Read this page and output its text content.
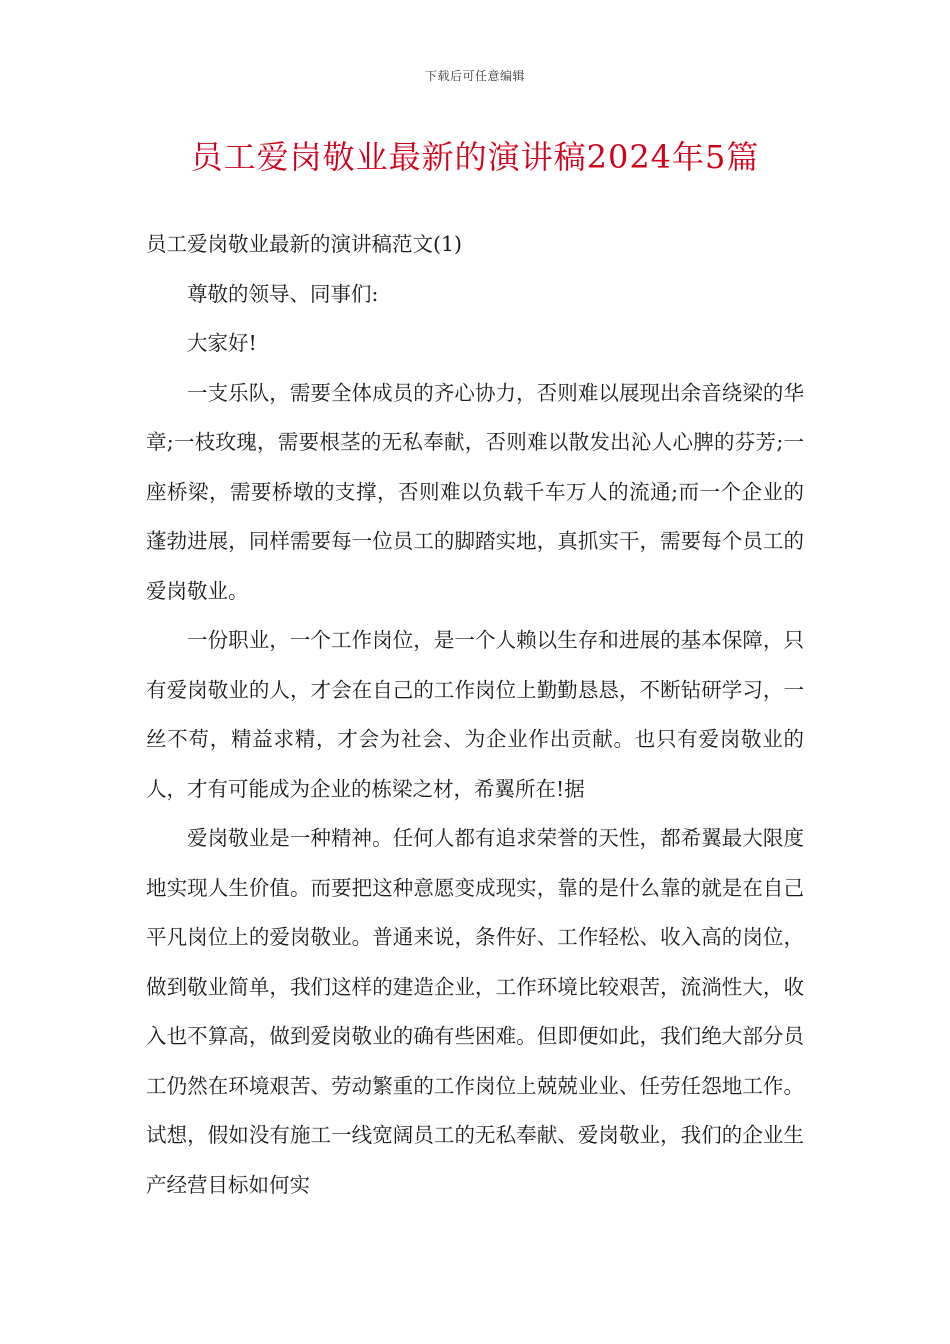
下载后可任意编辑
员工爱岗敬业最新的演讲稿2024年5篇

员工爱岗敬业最新的演讲稿范文(1)

尊敬的领导、同事们:

大家好!

一支乐队，需要全体成员的齐心协力，否则难以展现出余音绕梁的华章;一枝玫瑰，需要根茎的无私奉献，否则难以散发出沁人心脾的芬芳;一座桥梁，需要桥墩的支撑，否则难以负载千车万人的流通;而一个企业的蓬勃进展，同样需要每一位员工的脚踏实地，真抓实干，需要每个员工的爱岗敬业。

一份职业，一个工作岗位，是一个人赖以生存和进展的基本保障，只有爱岗敬业的人，才会在自己的工作岗位上勤勤恳恳，不断钻研学习，一丝不苟，精益求精，才会为社会、为企业作出贡献。也只有爱岗敬业的人，才有可能成为企业的栋梁之材，希翼所在!据

爱岗敬业是一种精神。任何人都有追求荣誉的天性，都希翼最大限度地实现人生价值。而要把这种意愿变成现实，靠的是什么靠的就是在自己平凡岗位上的爱岗敬业。普通来说，条件好、工作轻松、收入高的岗位，做到敬业简单，我们这样的建造企业，工作环境比较艰苦，流淌性大，收入也不算高，做到爱岗敬业的确有些困难。但即便如此，我们绝大部分员工仍然在环境艰苦、劳动繁重的工作岗位上兢兢业业、任劳任怨地工作。试想，假如没有施工一线宽阔员工的无私奉献、爱岗敬业，我们的企业生产经营目标如何实
